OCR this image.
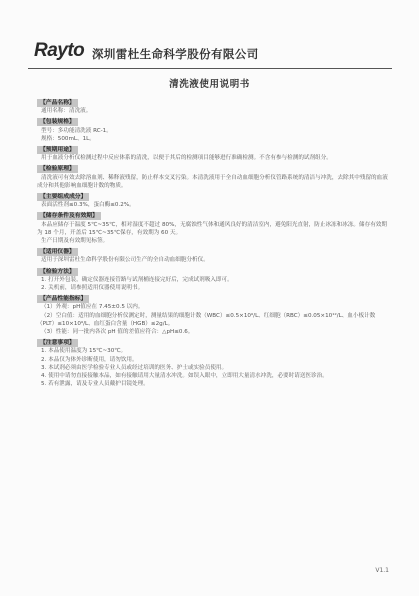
Rayto 深圳雷杜生命科学股份有限公司
清洗液使用说明书
【产品名称】
通用名称：清洗液。
【包装规格】
型号：多功能清洗液 RC-1。
规格：500mL、1L。
【预期用途】
用于血液分析仪检测过程中反应体系的清洗，以便于其后的检测项目能够进行准确检测。不含有参与检测的试剂组分。
【检验原理】
清洗液可有效去除溶血剂、稀释液残留，防止样本交叉污染。本清洗液用于全自动血细胞分析仪管路系统的清洁与冲洗，去除其中残留的血液成分和其他影响血细胞计数的物质。
【主要组成成分】
表面活性剂≤0.3%，蛋白酶≤0.2%。
【储存条件及有效期】
本品应储存于温度 5℃~35℃，相对湿度不超过 80%，无腐蚀性气体和通风良好的清洁室内，避免阳光直射，防止冰冻和冰冻。储存有效期为 18 个月，开盖后 15℃~35℃保存，有效期为 60 天。
生产日期及有效期见标签。
【适用仪器】
适用于深圳雷杜生命科学股份有限公司生产的全自动血细胞分析仪。
【检验方法】
1. 打开外包装，确定仪器连接管路与试剂桶连接完好后，完成试剂吸入即可。
2. 关机前，请参照适用仪器使用说明书。
【产品性能指标】
（1）外观：pH值应在 7.45±0.5 以内。
（2）空白值：适用的血细胞分析仪测定时，测量结果的细胞计数（WBC）≤0.5×10⁹/L、红细胞（RBC）≤0.05×10¹²/L、血小板计数（PLT）≤10×10⁹/L、血红蛋白含量（HGB）≤2g/L。
（3）性能：同一批内各次 pH 值的差值应符合：△pH≤0.6。
【注意事项】
1. 本品使用温度为 15℃~30℃。
2. 本品仅为体外诊断使用，请勿饮用。
3. 本试剂必须由医学检验专业人员或经过培训的医务、护士或实验员使用。
4. 使用中请勿直接接触本品，如有接触请用大量清水冲洗。如误入眼中，立即用大量清水冲洗，必要时请送医诊治。
5. 若有泄露，请及专业人员戴护目镜处理。
V1.1
